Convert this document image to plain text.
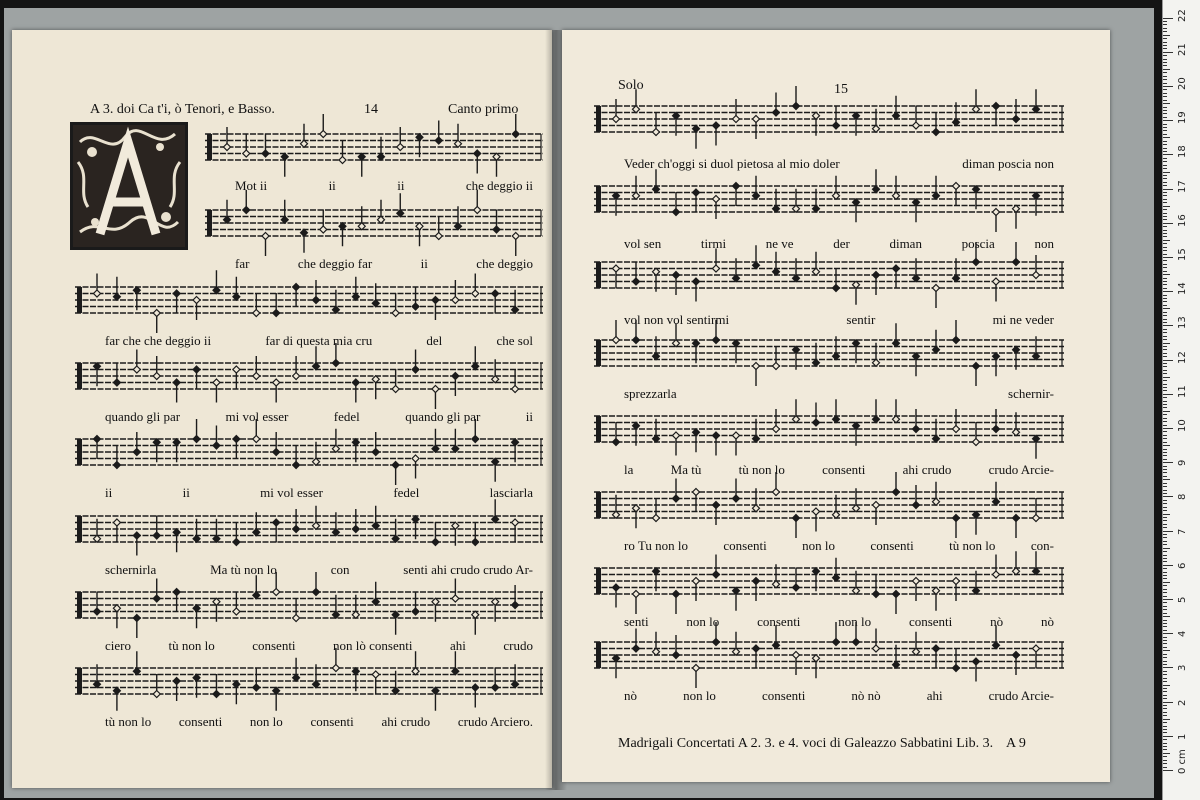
A 3. doi Ca t'i, ò Tenori, e Basso.	14	Canto primo
Solo	15
Madrigali Concertati A 2. 3. e 4. voci di Galeazzo Sabbatini Lib. 3. A 9
0 cm
1
2
3
4
5
6
7
8
9
10
11
12
13
14
15
16
17
18
19
20
21
22
Mot ii	ii	ii	che deggio ii
far	che deggio far	ii	che deggio
far che che deggio ii	far di questa mia cru	del	che sol
quando gli par	mi vol esser	fedel	quando gli par	ii
ii	ii	mi vol esser	fedel	lasciarla
schernirla	Ma tù non lo	con	senti ahi crudo crudo Ar-
ciero	tù non lo	consenti	non lò consenti	ahi	crudo
tù non lo consenti non lo consenti ahi crudo crudo Arciero.
Veder ch'oggi si duol pietosa al mio doler	diman poscia non
vol sen	tirmi	ne ve	der	diman	poscia	non
vol non vol sentirmi	sentir	mi ne veder
sprezzarla	schernir-
la	Ma tù	tù non lo	consenti	ahi crudo	crudo Arcie-
ro Tu non lo	consenti	non lo	consenti	tù non lo	con-
senti	non lo	consenti	non lo	consenti	nò	nò
nò	non lo	consenti	nò nò	ahi	crudo Arcie-
